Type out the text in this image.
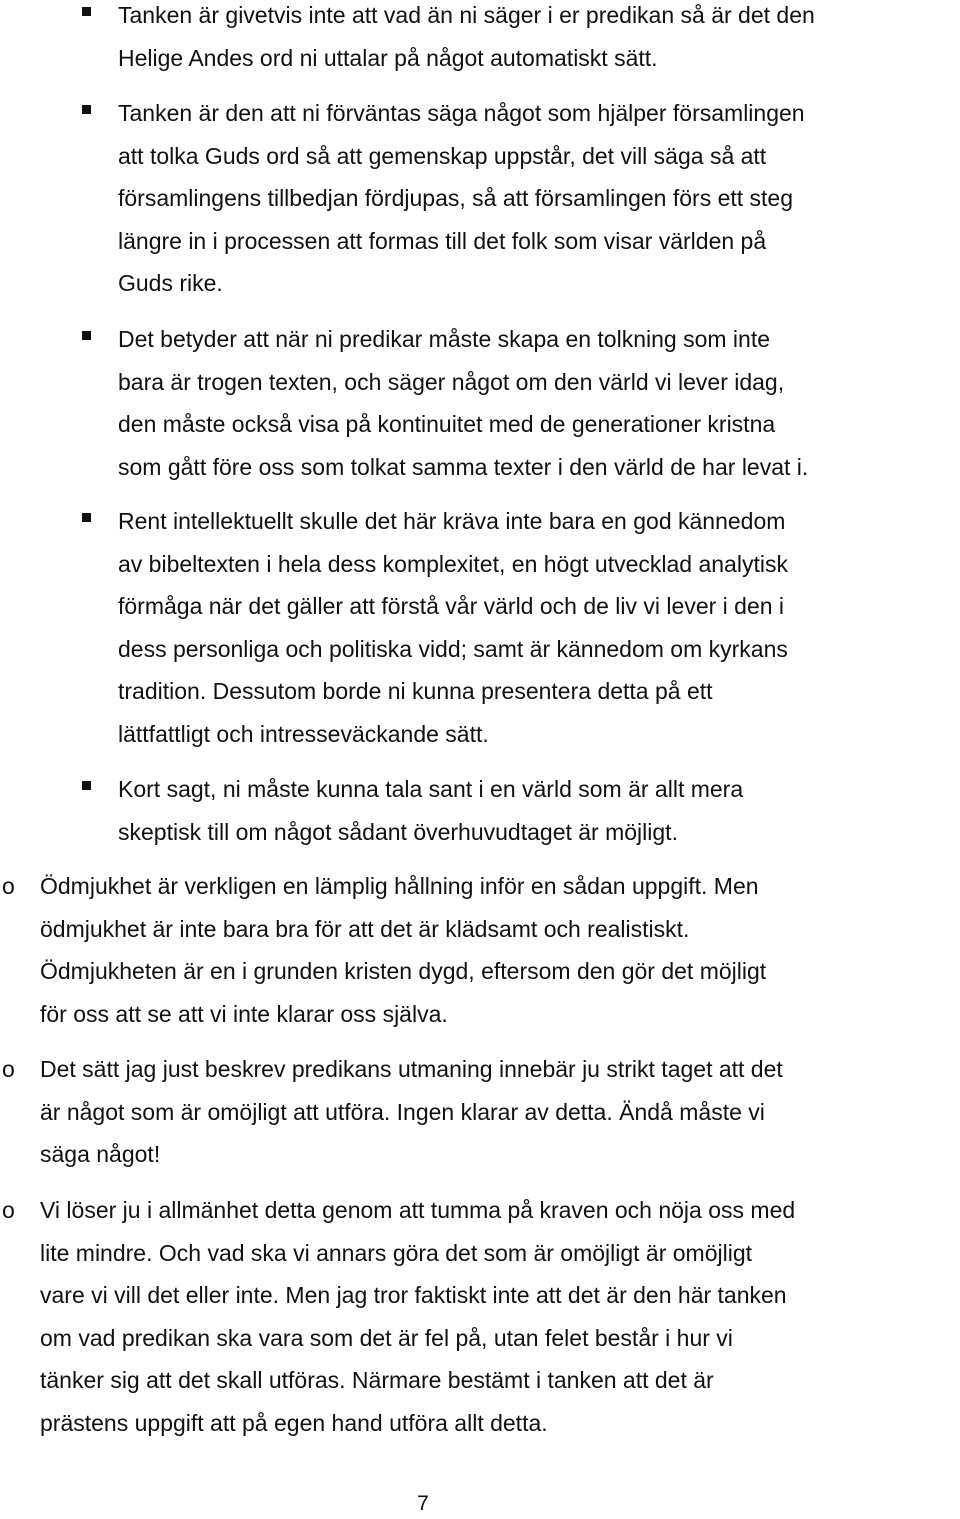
Tanken är givetvis inte att vad än ni säger i er predikan så är det den
Helige Andes ord ni uttalar på något automatiskt sätt.
Tanken är den att ni förväntas säga något som hjälper församlingen
att tolka Guds ord så att gemenskap uppstår, det vill säga så att
församlingens tillbedjan fördjupas, så att församlingen förs ett steg
längre in i processen att formas till det folk som visar världen på
Guds rike.
Det betyder att när ni predikar måste skapa en tolkning som inte
bara är trogen texten, och säger något om den värld vi lever idag,
den måste också visa på kontinuitet med de generationer kristna
som gått före oss som tolkat samma texter i den värld de har levat i.
Rent intellektuellt skulle det här kräva inte bara en god kännedom
av bibeltexten i hela dess komplexitet, en högt utvecklad analytisk
förmåga när det gäller att förstå vår värld och de liv vi lever i den i
dess personliga och politiska vidd; samt är kännedom om kyrkans
tradition. Dessutom borde ni kunna presentera detta på ett
lättfattligt och intresseväckande sätt.
Kort sagt, ni måste kunna tala sant i en värld som är allt mera
skeptisk till om något sådant överhuvudtaget är möjligt.
o Ödmjukhet är verkligen en lämplig hållning inför en sådan uppgift. Men
ödmjukhet är inte bara bra för att det är klädsamt och realistiskt.
Ödmjukheten är en i grunden kristen dygd, eftersom den gör det möjligt
för oss att se att vi inte klarar oss själva.
o Det sätt jag just beskrev predikans utmaning innebär ju strikt taget att det
är något som är omöjligt att utföra. Ingen klarar av detta. Ändå måste vi
säga något!
o Vi löser ju i allmänhet detta genom att tumma på kraven och nöja oss med
lite mindre. Och vad ska vi annars göra det som är omöjligt är omöjligt
vare vi vill det eller inte. Men jag tror faktiskt inte att det är den här tanken
om vad predikan ska vara som det är fel på, utan felet består i hur vi
tänker sig att det skall utföras. Närmare bestämt i tanken att det är
prästens uppgift att på egen hand utföra allt detta.
7
